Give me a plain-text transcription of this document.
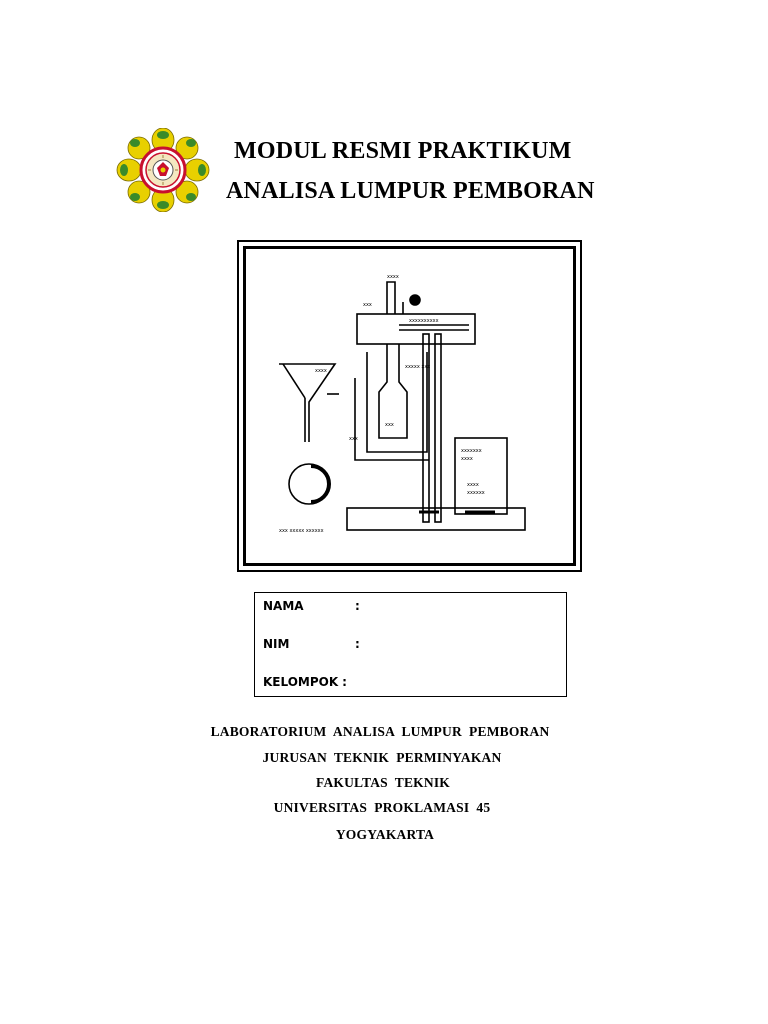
MODUL RESMI PRAKTIKUM
ANALISA LUMPUR PEMBORAN
xxxx
xxx
xxxxxxxxxx
xxxxx xxx
xxxx
xxx
xxx
xxxxxxx
xxxx
xxxx
xxxxxx
xxx xxxxx xxxxxx
NAMA	:
NIM	:
KELOMPOK :
LABORATORIUM  ANALISA  LUMPUR  PEMBORAN
JURUSAN  TEKNIK  PERMINYAKAN
FAKULTAS  TEKNIK
UNIVERSITAS  PROKLAMASI  45
YOGYAKARTA
